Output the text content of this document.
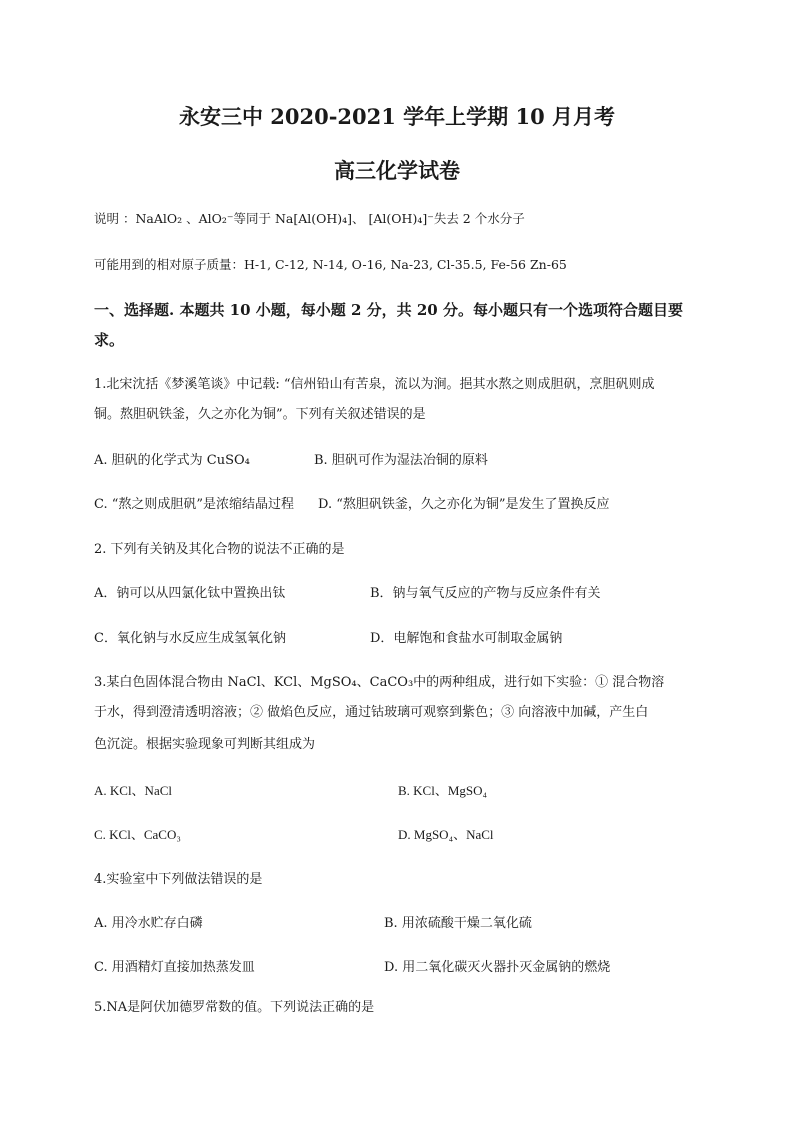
永安三中 2020-2021 学年上学期 10 月月考
高三化学试卷
说明 ：NaAlO₂ 、AlO₂⁻等同于 Na[Al(OH)₄]、 [Al(OH)₄]⁻失去 2 个水分子
可能用到的相对原子质量：H-1, C-12, N-14, O-16, Na-23, Cl-35.5, Fe-56 Zn-65
一、选择题. 本题共 10 小题，每小题 2 分，共 20 分。每小题只有一个选项符合题目要
求。
1.北宋沈括《梦溪笔谈》中记载: “信州铅山有苦泉，流以为涧。挹其水熬之则成胆矾，烹胆矾则成
铜。熬胆矾铁釜，久之亦化为铜”。下列有关叙述错误的是
A. 胆矾的化学式为 CuSO₄	B. 胆矾可作为湿法冶铜的原料
C. “熬之则成胆矾”是浓缩结晶过程 D. “熬胆矾铁釜，久之亦化为铜”是发生了置换反应
2. 下列有关钠及其化合物的说法不正确的是
A．钠可以从四氯化钛中置换出钛	B．钠与氧气反应的产物与反应条件有关
C．氧化钠与水反应生成氢氧化钠	D．电解饱和食盐水可制取金属钠
3.某白色固体混合物由 NaCl、KCl、MgSO₄、CaCO₃中的两种组成，进行如下实验：① 混合物溶
于水，得到澄清透明溶液；② 做焰色反应，通过钴玻璃可观察到紫色；③ 向溶液中加碱，产生白
色沉淀。根据实验现象可判断其组成为
A. KCl、NaCl	B. KCl、MgSO₄
C. KCl、CaCO₃	D. MgSO₄、NaCl
4.实验室中下列做法错误的是
A. 用冷水贮存白磷	B. 用浓硫酸干燥二氧化硫
C. 用酒精灯直接加热蒸发皿	D. 用二氧化碳灭火器扑灭金属钠的燃烧
5.NA是阿伏加德罗常数的值。下列说法正确的是
